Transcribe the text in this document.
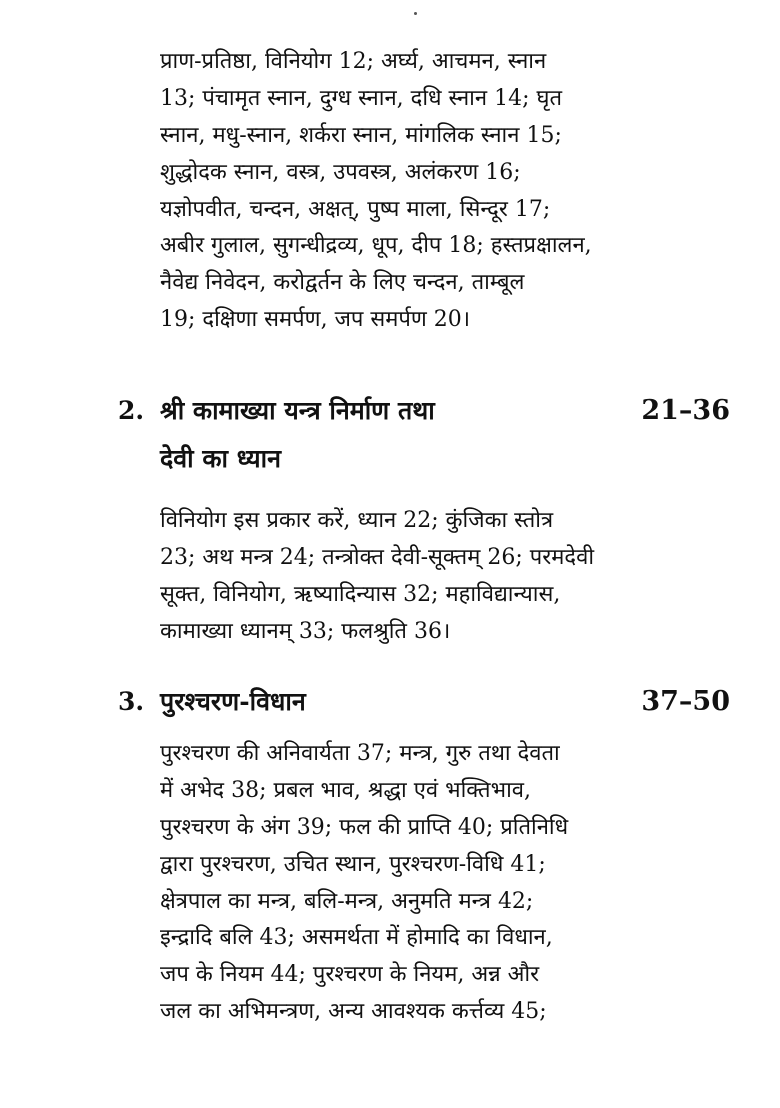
प्राण-प्रतिष्ठा, विनियोग 12; अर्घ्य, आचमन, स्नान
13; पंचामृत स्नान, दुग्ध स्नान, दधि स्नान 14; घृत
स्नान, मधु-स्नान, शर्करा स्नान, मांगलिक स्नान 15;
शुद्धोदक स्नान, वस्त्र, उपवस्त्र, अलंकरण 16;
यज्ञोपवीत, चन्दन, अक्षत्, पुष्प माला, सिन्दूर 17;
अबीर गुलाल, सुगन्धीद्रव्य, धूप, दीप 18; हस्तप्रक्षालन,
नैवेद्य निवेदन, करोद्वर्तन के लिए चन्दन, ताम्बूल
19; दक्षिणा समर्पण, जप समर्पण 20।
2. श्री कामाख्या यन्त्र निर्माण तथा
देवी का ध्यान
21–36
विनियोग इस प्रकार करें, ध्यान 22; कुंजिका स्तोत्र
23; अथ मन्त्र 24; तन्त्रोक्त देवी-सूक्तम् 26; परमदेवी
सूक्त, विनियोग, ऋष्यादिन्यास 32; महाविद्यान्यास,
कामाख्या ध्यानम् 33; फलश्रुति 36।
3. पुरश्चरण-विधान	37–50
पुरश्चरण की अनिवार्यता 37; मन्त्र, गुरु तथा देवता
में अभेद 38; प्रबल भाव, श्रद्धा एवं भक्तिभाव,
पुरश्चरण के अंग 39; फल की प्राप्ति 40; प्रतिनिधि
द्वारा पुरश्चरण, उचित स्थान, पुरश्चरण-विधि 41;
क्षेत्रपाल का मन्त्र, बलि-मन्त्र, अनुमति मन्त्र 42;
इन्द्रादि बलि 43; असमर्थता में होमादि का विधान,
जप के नियम 44; पुरश्चरण के नियम, अन्न और
जल का अभिमन्त्रण, अन्य आवश्यक कर्त्तव्य 45;
